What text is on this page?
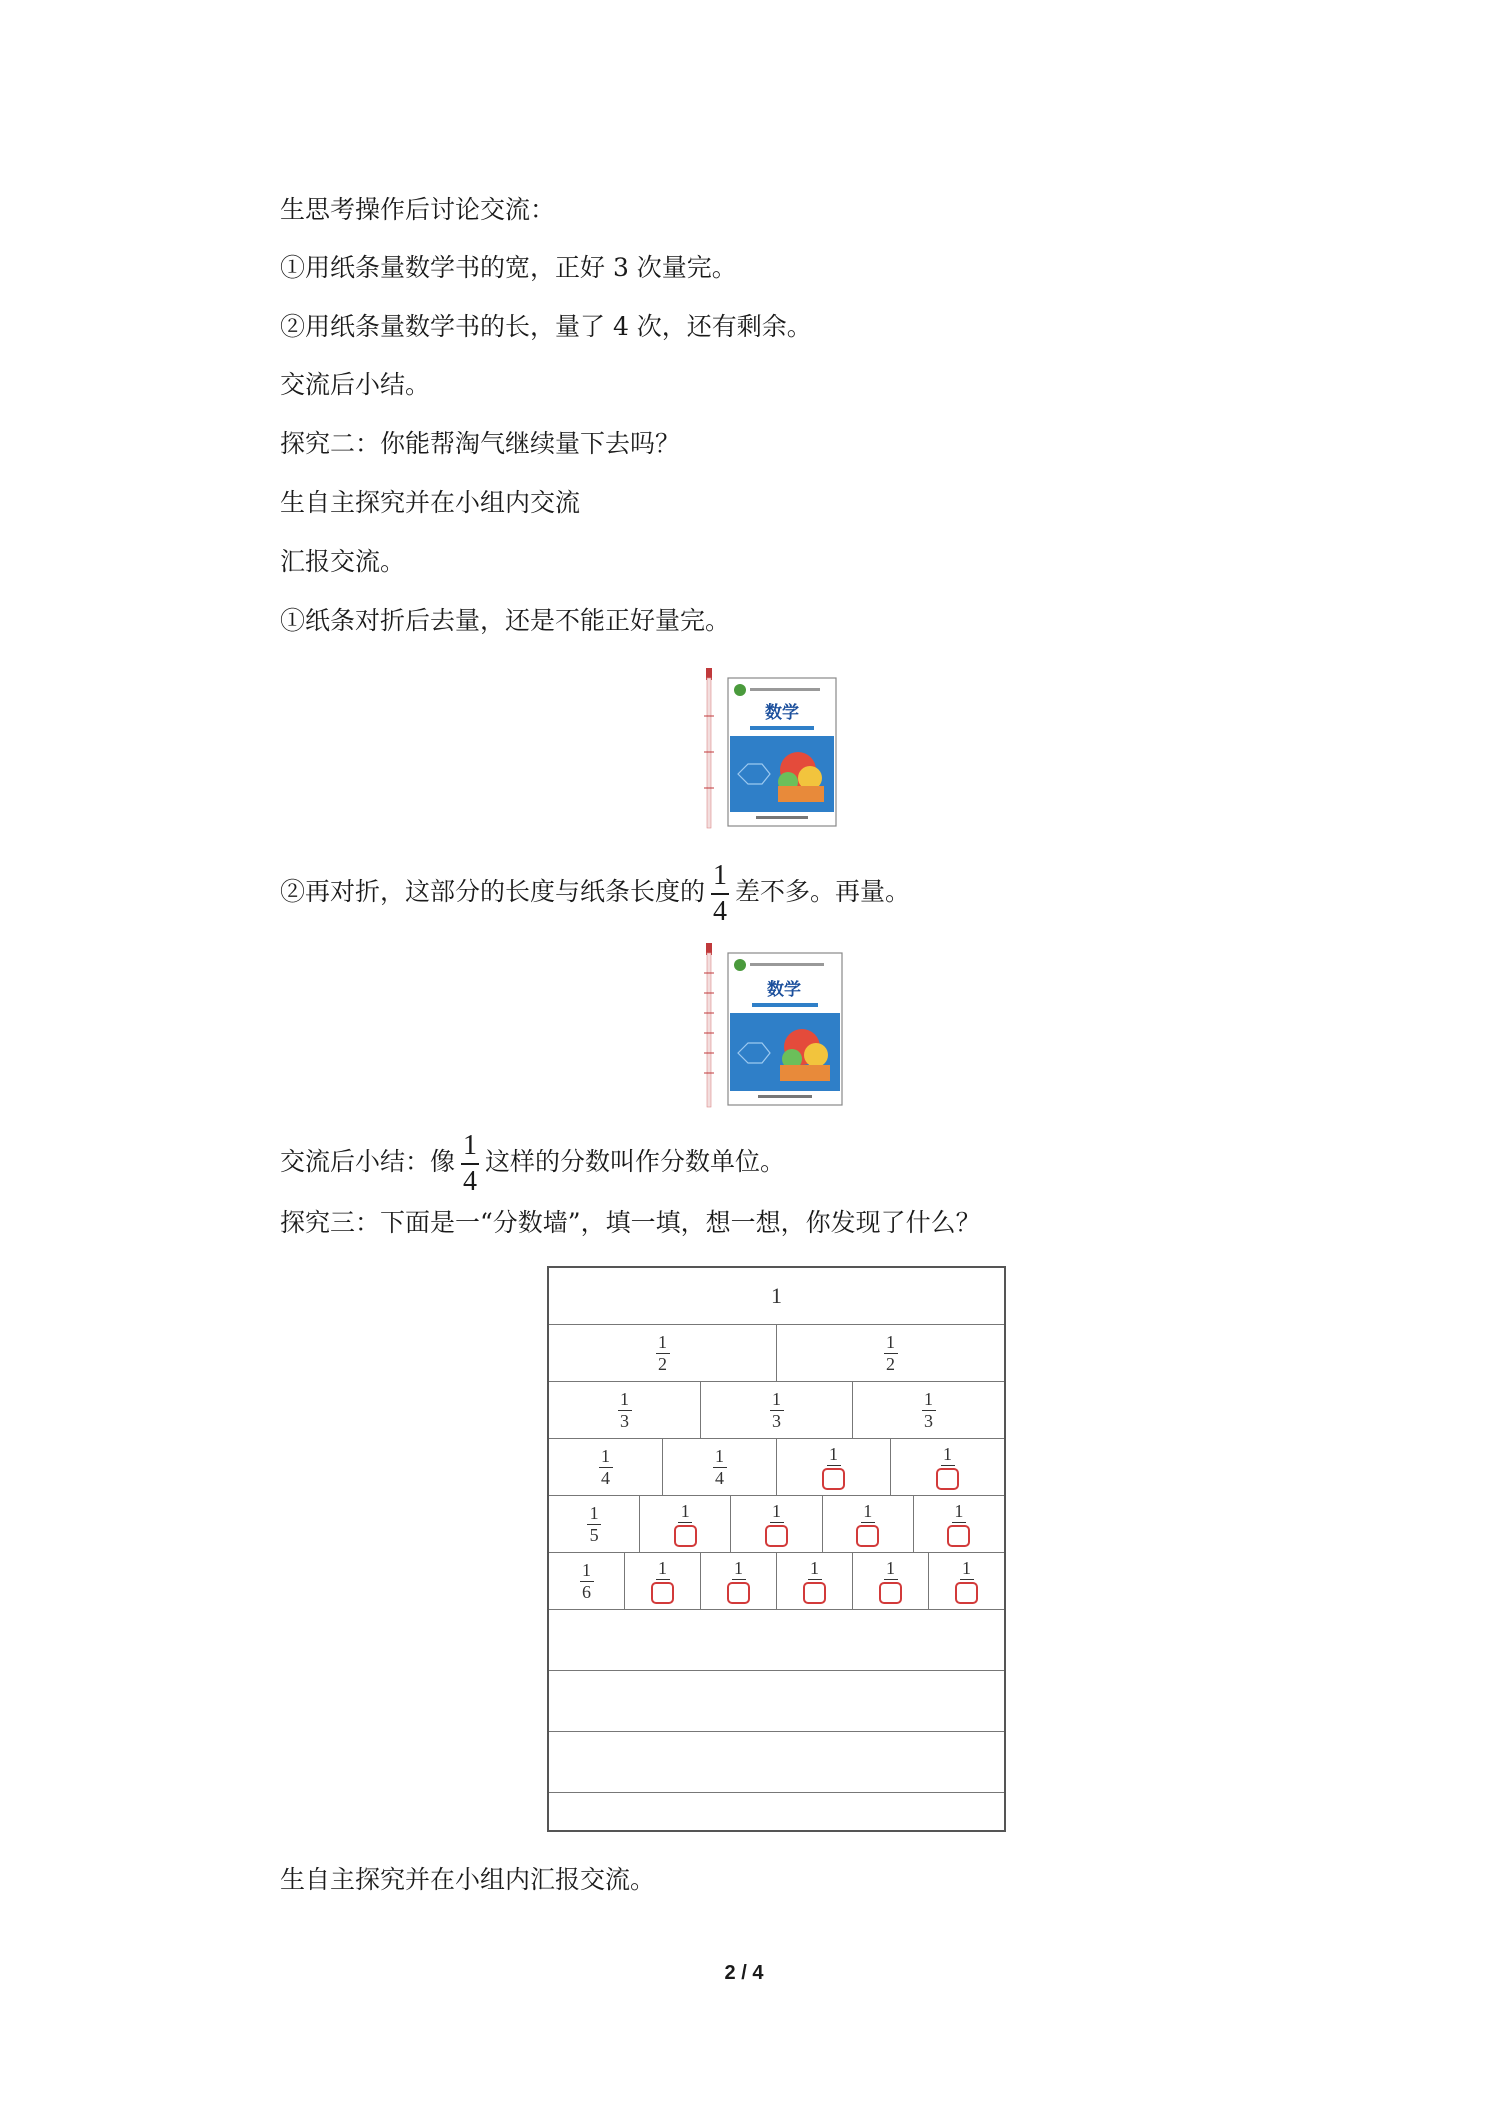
生思考操作后讨论交流：
①用纸条量数学书的宽，正好 3 次量完。
②用纸条量数学书的长，量了 4 次，还有剩余。
交流后小结。
探究二：你能帮淘气继续量下去吗？
生自主探究并在小组内交流
汇报交流。
①纸条对折后去量，还是不能正好量完。
数学
②再对折，这部分的长度与纸条长度的 $\frac{1}{4}$ 差不多。再量。
数学
交流后小结：像 $\frac{1}{4}$ 这样的分数叫作分数单位。
探究三：下面是一“分数墙”，填一填，想一想，你发现了什么？
1
$\frac{1}{2}$	$\frac{1}{2}$
$\frac{1}{3}$	$\frac{1}{3}$	$\frac{1}{3}$
$\frac{1}{4}$	$\frac{1}{4}$	1	1
$\frac{1}{5}$	1	1	1	1
$\frac{1}{6}$	1	1	1	1	1
生自主探究并在小组内汇报交流。
2 / 4
